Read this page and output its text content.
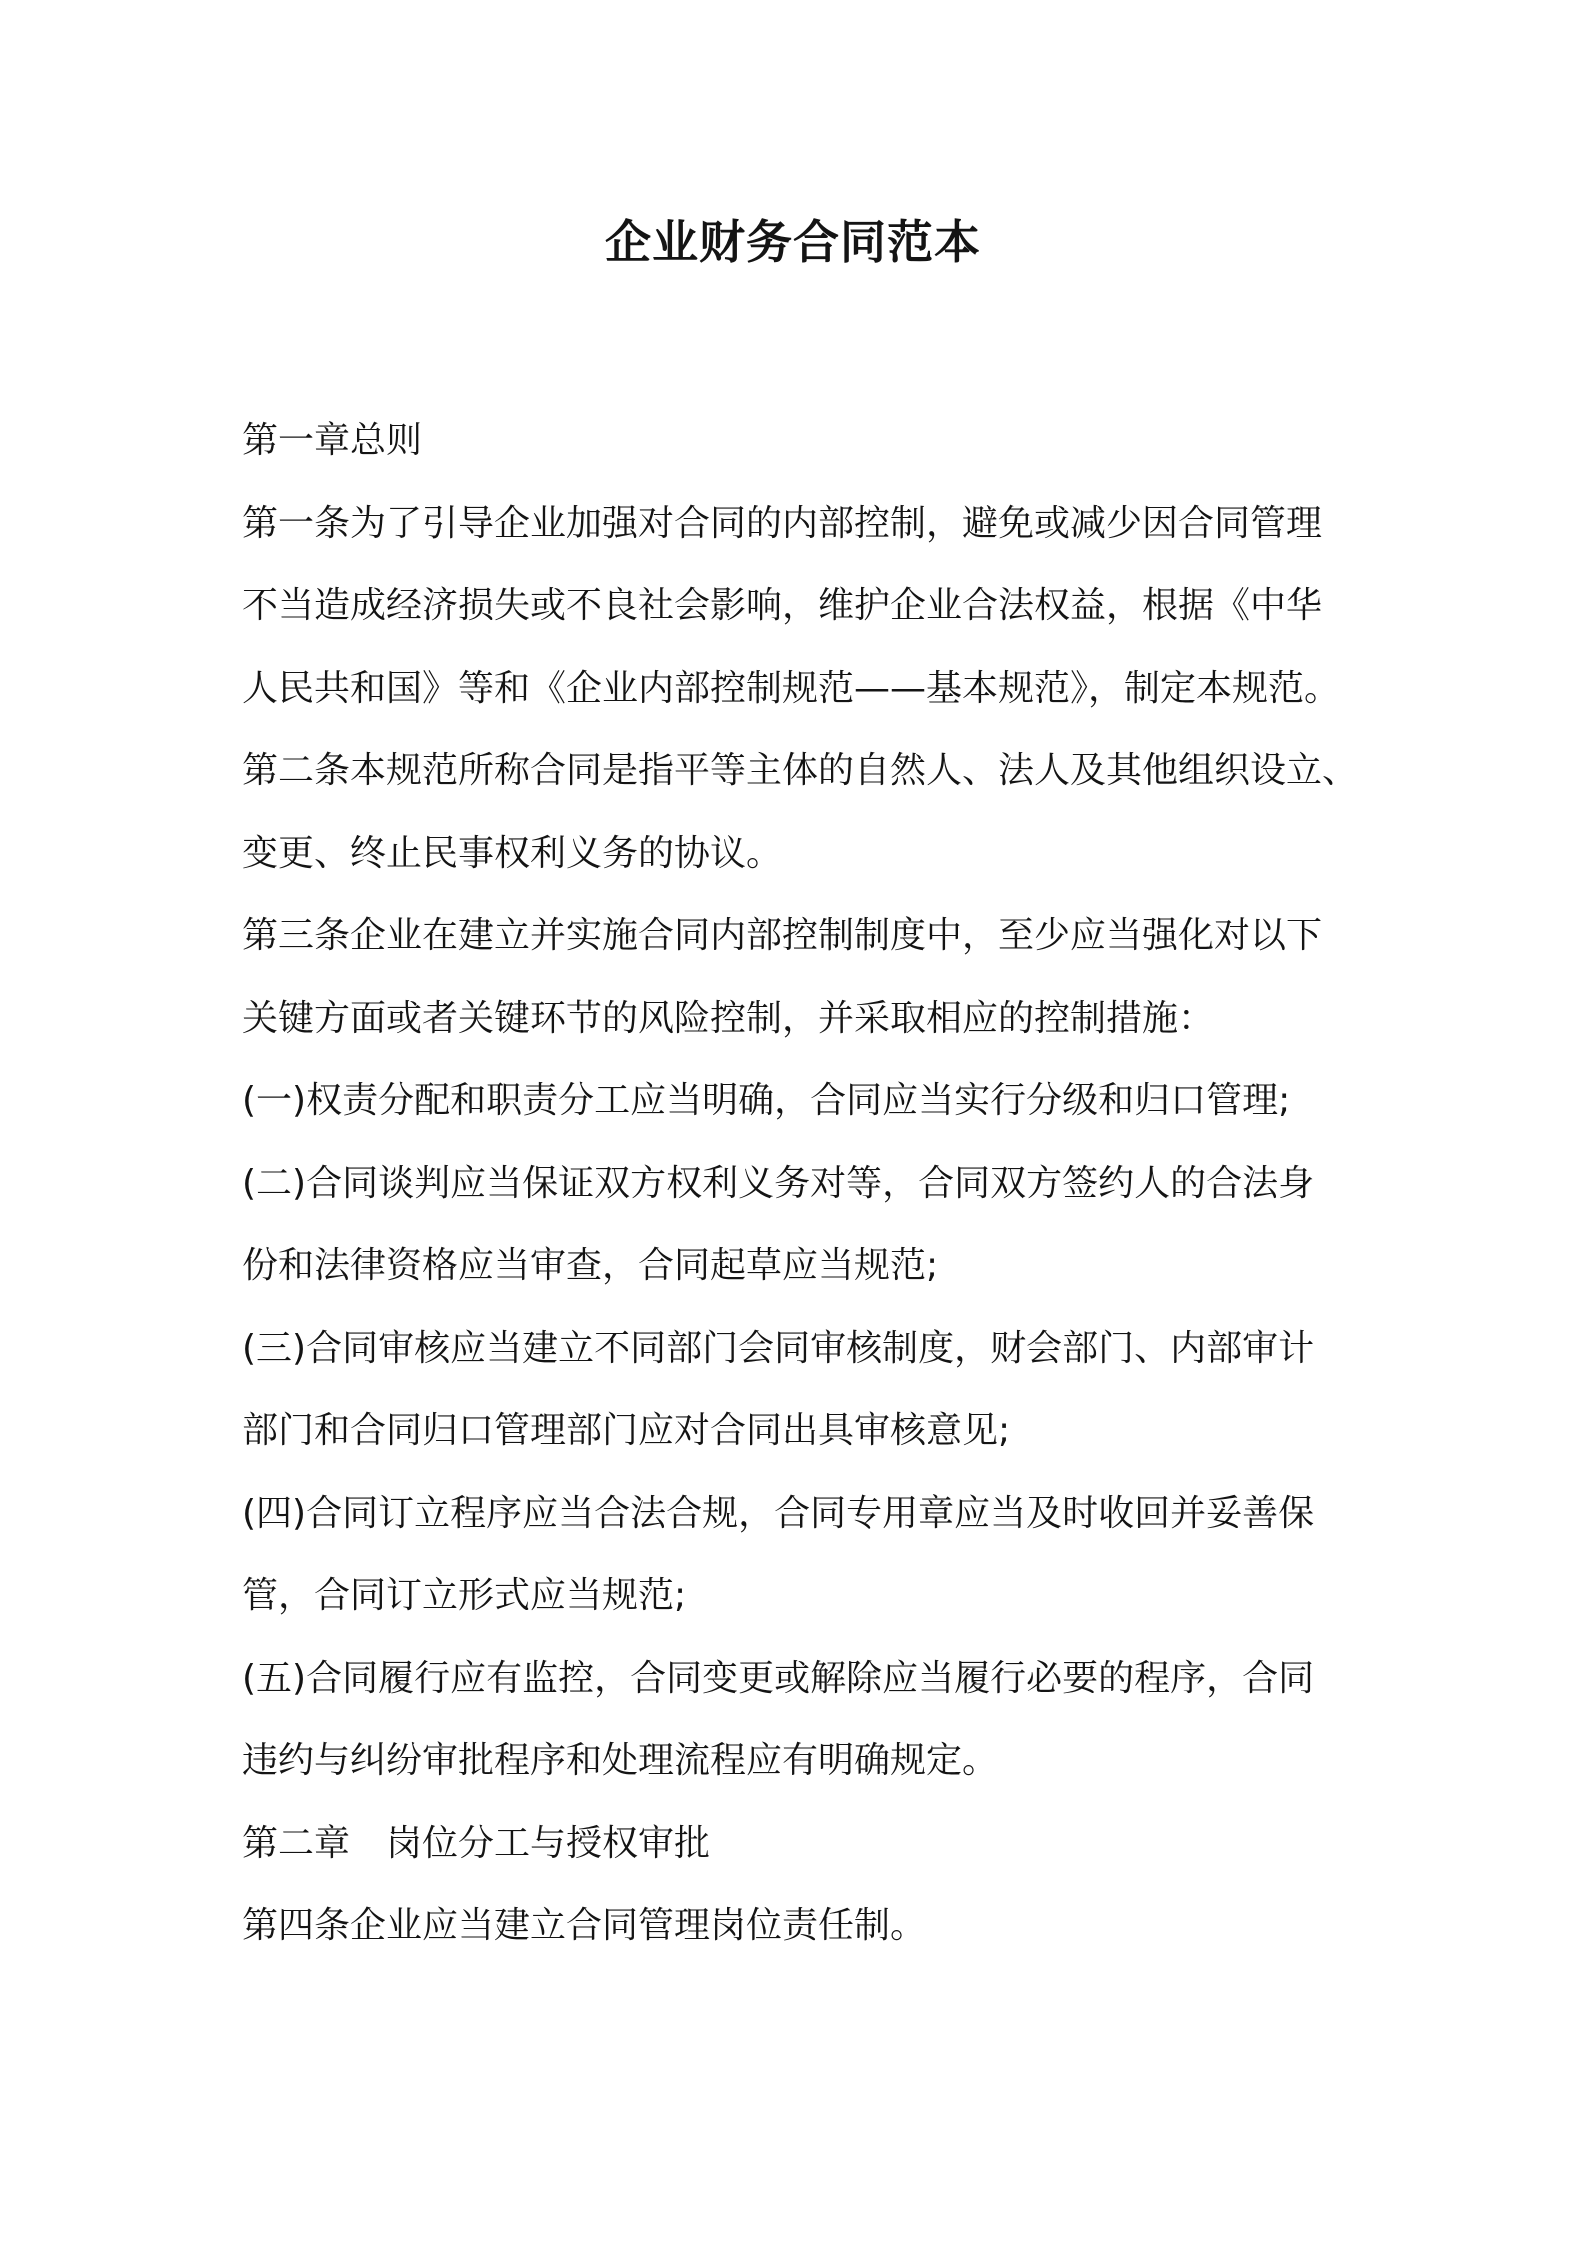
企业财务合同范本
第一章总则
第一条为了引导企业加强对合同的内部控制，避免或减少因合同管理
不当造成经济损失或不良社会影响，维护企业合法权益，根据《中华
人民共和国》等和《企业内部控制规范——基本规范》，制定本规范。
第二条本规范所称合同是指平等主体的自然人、法人及其他组织设立、
变更、终止民事权利义务的协议。
第三条企业在建立并实施合同内部控制制度中，至少应当强化对以下
关键方面或者关键环节的风险控制，并采取相应的控制措施：
(一)权责分配和职责分工应当明确，合同应当实行分级和归口管理;
(二)合同谈判应当保证双方权利义务对等，合同双方签约人的合法身
份和法律资格应当审查，合同起草应当规范;
(三)合同审核应当建立不同部门会同审核制度，财会部门、内部审计
部门和合同归口管理部门应对合同出具审核意见;
(四)合同订立程序应当合法合规，合同专用章应当及时收回并妥善保
管，合同订立形式应当规范;
(五)合同履行应有监控，合同变更或解除应当履行必要的程序，合同
违约与纠纷审批程序和处理流程应有明确规定。
第二章　岗位分工与授权审批
第四条企业应当建立合同管理岗位责任制。
